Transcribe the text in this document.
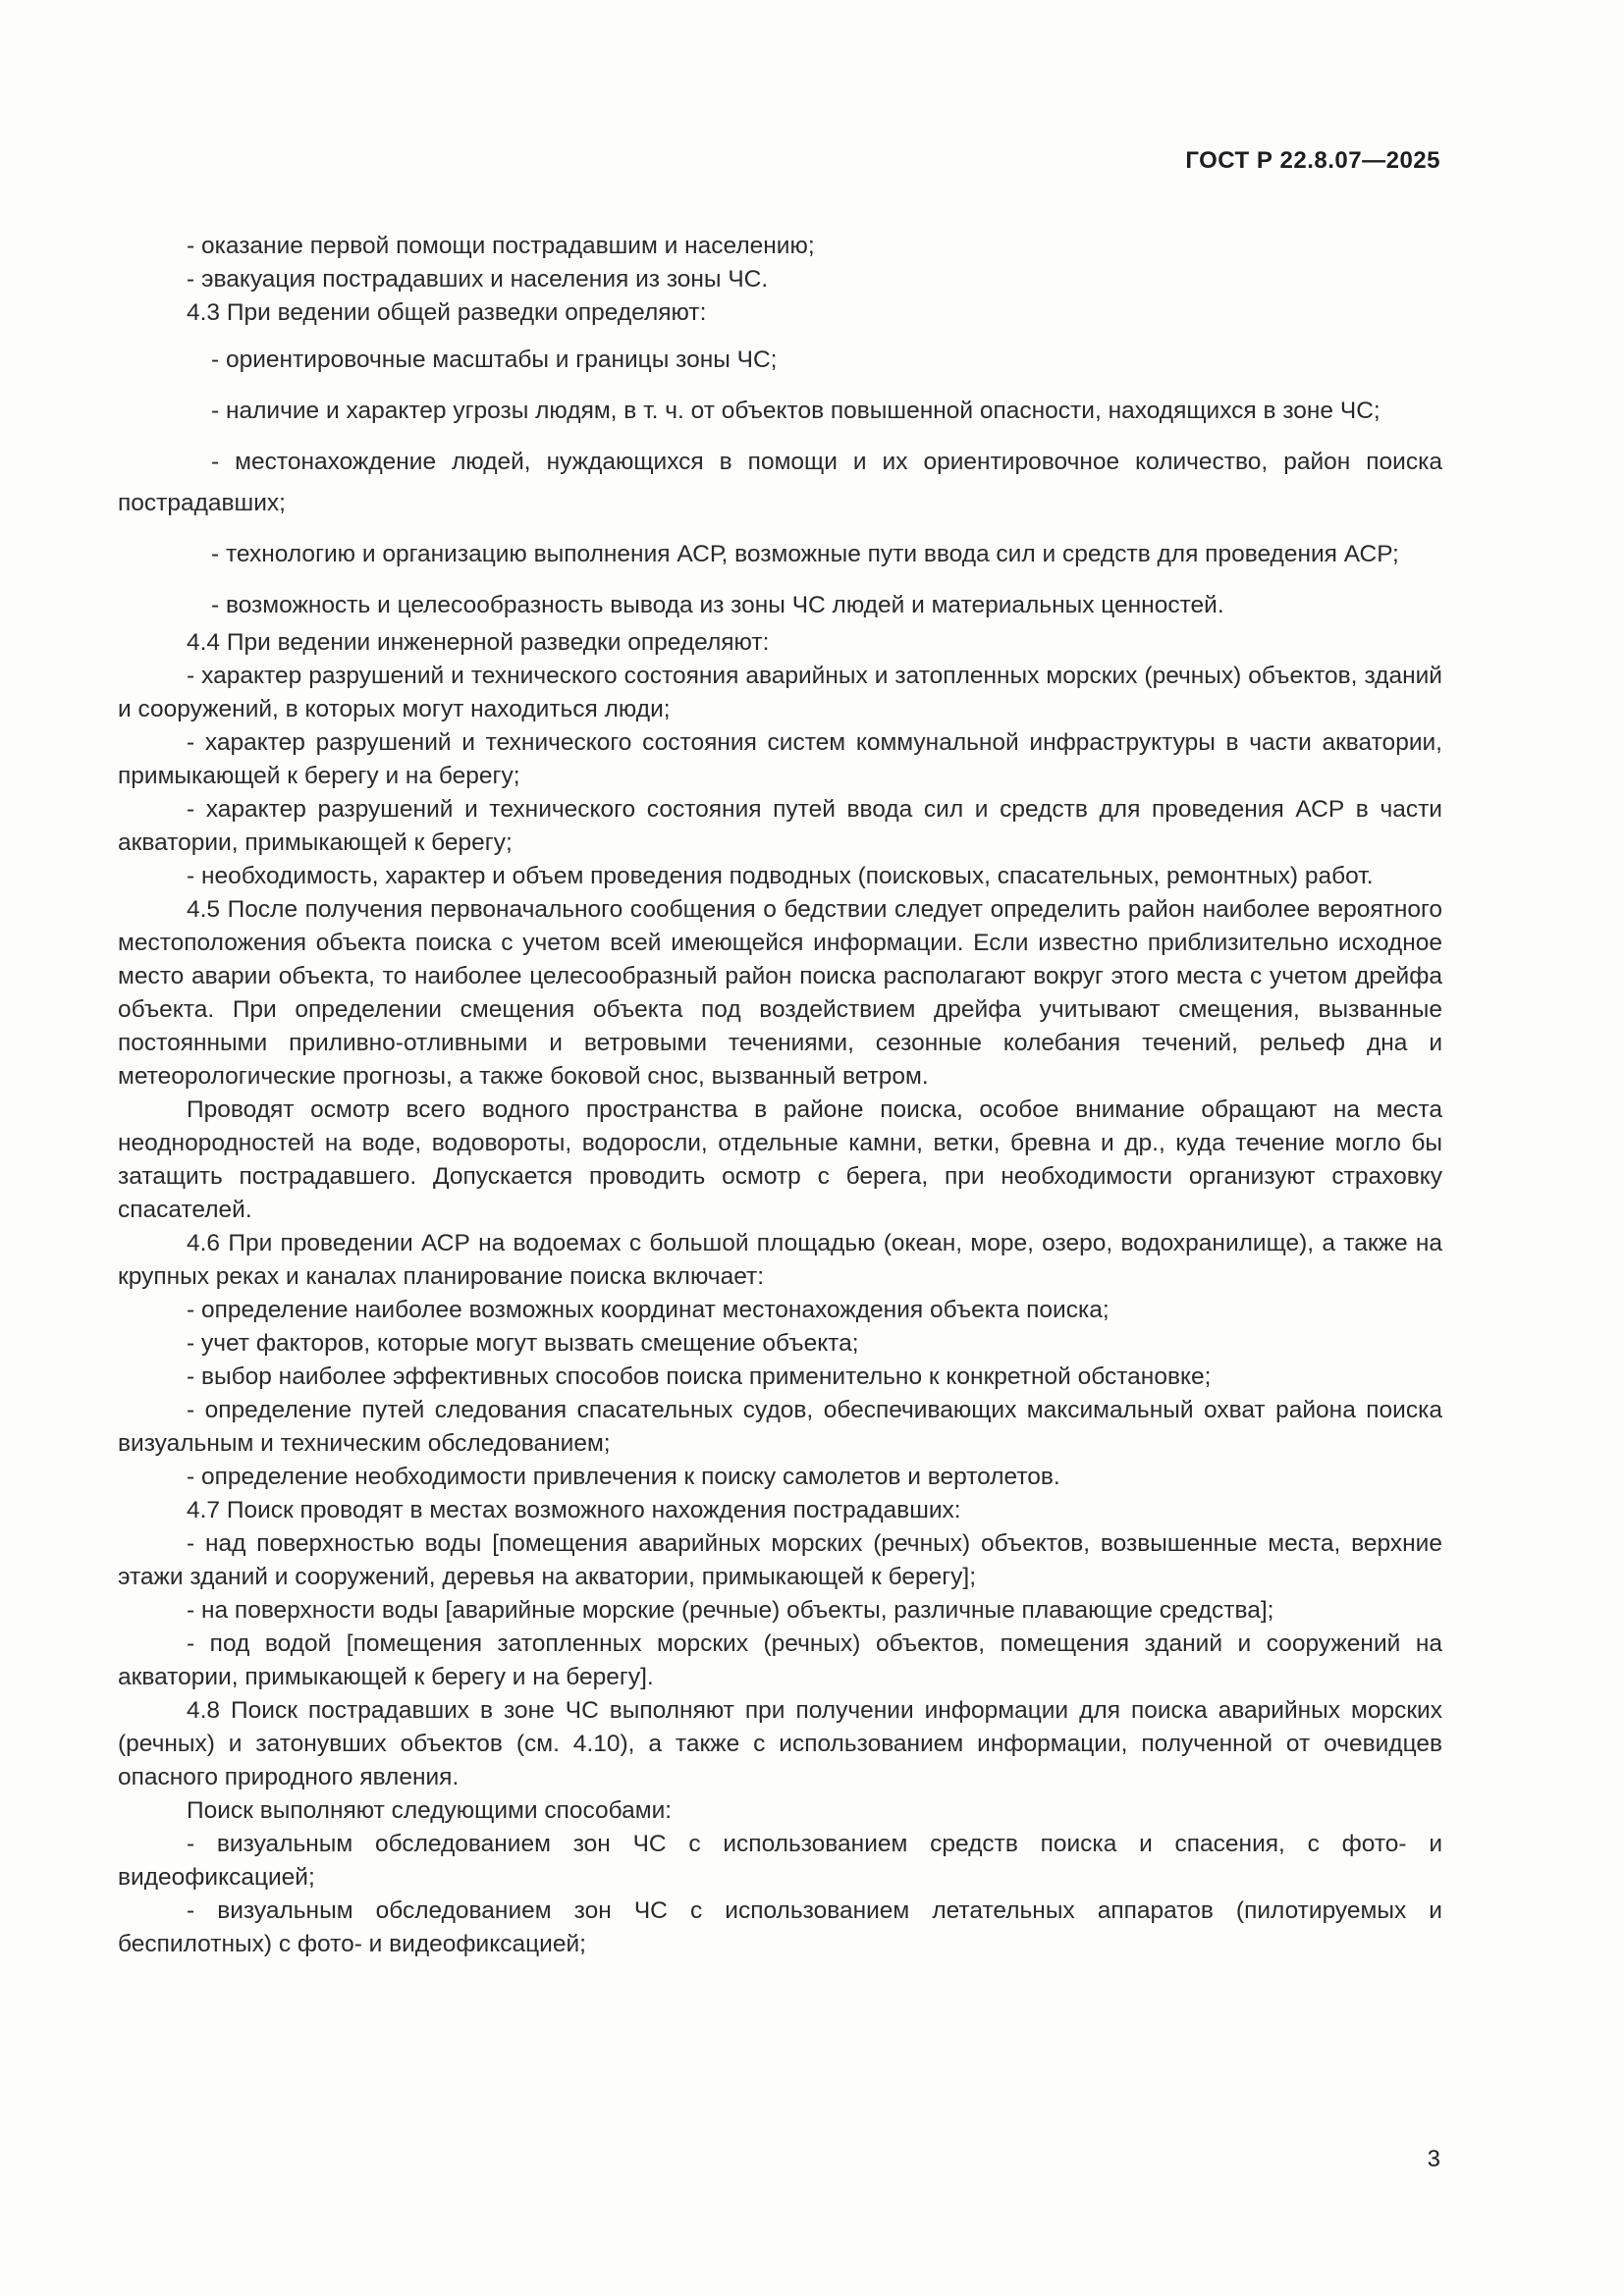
ГОСТ Р 22.8.07—2025

- оказание первой помощи пострадавшим и населению;

- эвакуация пострадавших и населения из зоны ЧС.

4.3 При ведении общей разведки определяют:

- ориентировочные масштабы и границы зоны ЧС;

- наличие и характер угрозы людям, в т. ч. от объектов повышенной опасности, находящихся в зоне ЧС;

- местонахождение людей, нуждающихся в помощи и их ориентировочное количество, район поиска пострадавших;

- технологию и организацию выполнения АСР, возможные пути ввода сил и средств для проведения АСР;

- возможность и целесообразность вывода из зоны ЧС людей и материальных ценностей.

4.4 При ведении инженерной разведки определяют:

- характер разрушений и технического состояния аварийных и затопленных морских (речных) объектов, зданий и сооружений, в которых могут находиться люди;

- характер разрушений и технического состояния систем коммунальной инфраструктуры в части акватории, примыкающей к берегу и на берегу;

- характер разрушений и технического состояния путей ввода сил и средств для проведения АСР в части акватории, примыкающей к берегу;

- необходимость, характер и объем проведения подводных (поисковых, спасательных, ремонтных) работ.

4.5 После получения первоначального сообщения о бедствии следует определить район наиболее вероятного местоположения объекта поиска с учетом всей имеющейся информации. Если известно приблизительно исходное место аварии объекта, то наиболее целесообразный район поиска располагают вокруг этого места с учетом дрейфа объекта. При определении смещения объекта под воздействием дрейфа учитывают смещения, вызванные постоянными приливно-отливными и ветровыми течениями, сезонные колебания течений, рельеф дна и метеорологические прогнозы, а также боковой снос, вызванный ветром.

Проводят осмотр всего водного пространства в районе поиска, особое внимание обращают на места неоднородностей на воде, водовороты, водоросли, отдельные камни, ветки, бревна и др., куда течение могло бы затащить пострадавшего. Допускается проводить осмотр с берега, при необходимости организуют страховку спасателей.

4.6 При проведении АСР на водоемах с большой площадью (океан, море, озеро, водохранилище), а также на крупных реках и каналах планирование поиска включает:

- определение наиболее возможных координат местонахождения объекта поиска;

- учет факторов, которые могут вызвать смещение объекта;

- выбор наиболее эффективных способов поиска применительно к конкретной обстановке;

- определение путей следования спасательных судов, обеспечивающих максимальный охват района поиска визуальным и техническим обследованием;

- определение необходимости привлечения к поиску самолетов и вертолетов.

4.7 Поиск проводят в местах возможного нахождения пострадавших:

- над поверхностью воды [помещения аварийных морских (речных) объектов, возвышенные места, верхние этажи зданий и сооружений, деревья на акватории, примыкающей к берегу];

- на поверхности воды [аварийные морские (речные) объекты, различные плавающие средства];

- под водой [помещения затопленных морских (речных) объектов, помещения зданий и сооружений на акватории, примыкающей к берегу и на берегу].

4.8 Поиск пострадавших в зоне ЧС выполняют при получении информации для поиска аварийных морских (речных) и затонувших объектов (см. 4.10), а также с использованием информации, полученной от очевидцев опасного природного явления.

Поиск выполняют следующими способами:

- визуальным обследованием зон ЧС с использованием средств поиска и спасения, с фото- и видеофиксацией;

- визуальным обследованием зон ЧС с использованием летательных аппаратов (пилотируемых и беспилотных) с фото- и видеофиксацией;

3
